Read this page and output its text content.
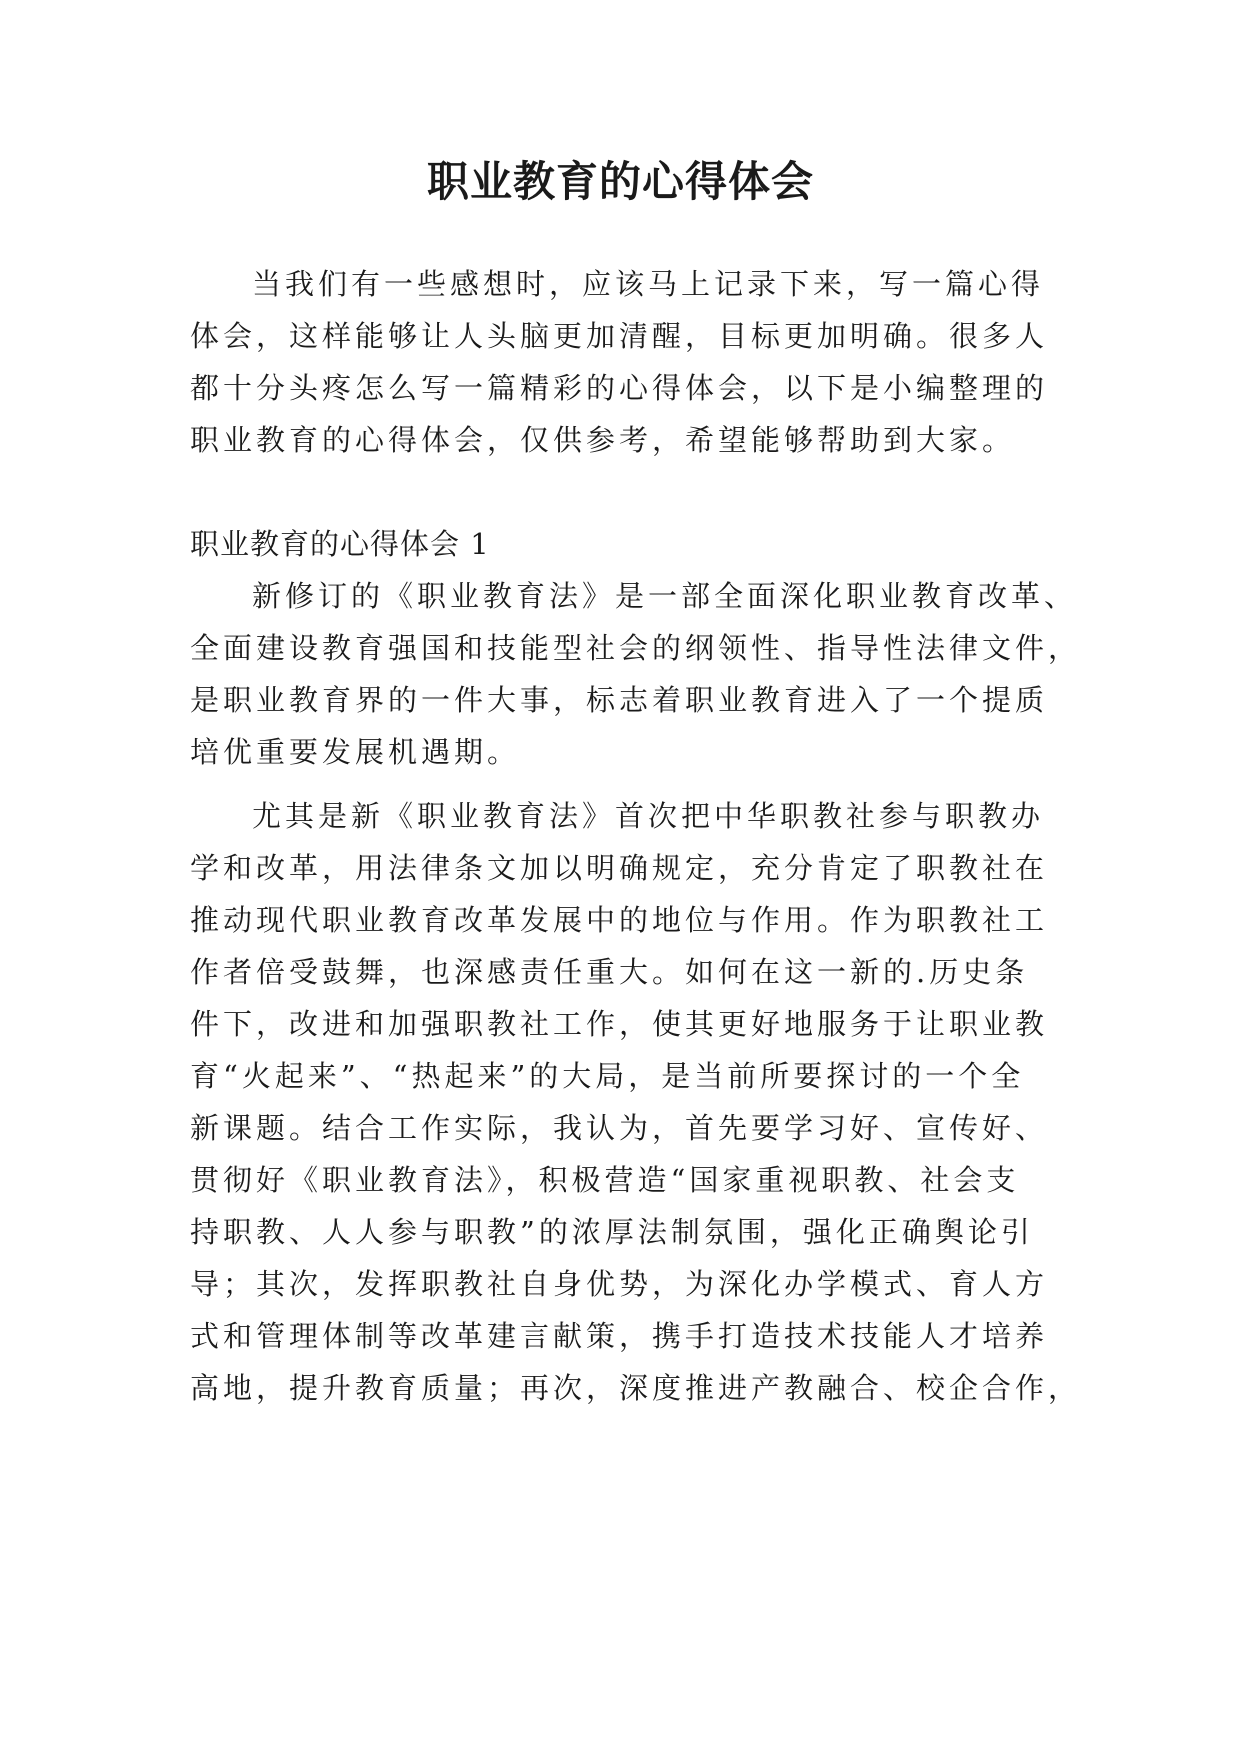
职业教育的心得体会

当我们有一些感想时，应该马上记录下来，写一篇心得

体会，这样能够让人头脑更加清醒，目标更加明确。很多人

都十分头疼怎么写一篇精彩的心得体会，以下是小编整理的

职业教育的心得体会，仅供参考，希望能够帮助到大家。

职业教育的心得体会 1

新修订的《职业教育法》是一部全面深化职业教育改革、

全面建设教育强国和技能型社会的纲领性、指导性法律文件，

是职业教育界的一件大事，标志着职业教育进入了一个提质

培优重要发展机遇期。

尤其是新《职业教育法》首次把中华职教社参与职教办

学和改革，用法律条文加以明确规定，充分肯定了职教社在

推动现代职业教育改革发展中的地位与作用。作为职教社工

作者倍受鼓舞，也深感责任重大。如何在这一新的.历史条

件下，改进和加强职教社工作，使其更好地服务于让职业教

育“火起来”、“热起来”的大局，是当前所要探讨的一个全

新课题。结合工作实际，我认为，首先要学习好、宣传好、

贯彻好《职业教育法》，积极营造“国家重视职教、社会支

持职教、人人参与职教”的浓厚法制氛围，强化正确舆论引

导；其次，发挥职教社自身优势，为深化办学模式、育人方

式和管理体制等改革建言献策，携手打造技术技能人才培养

高地，提升教育质量；再次，深度推进产教融合、校企合作，
